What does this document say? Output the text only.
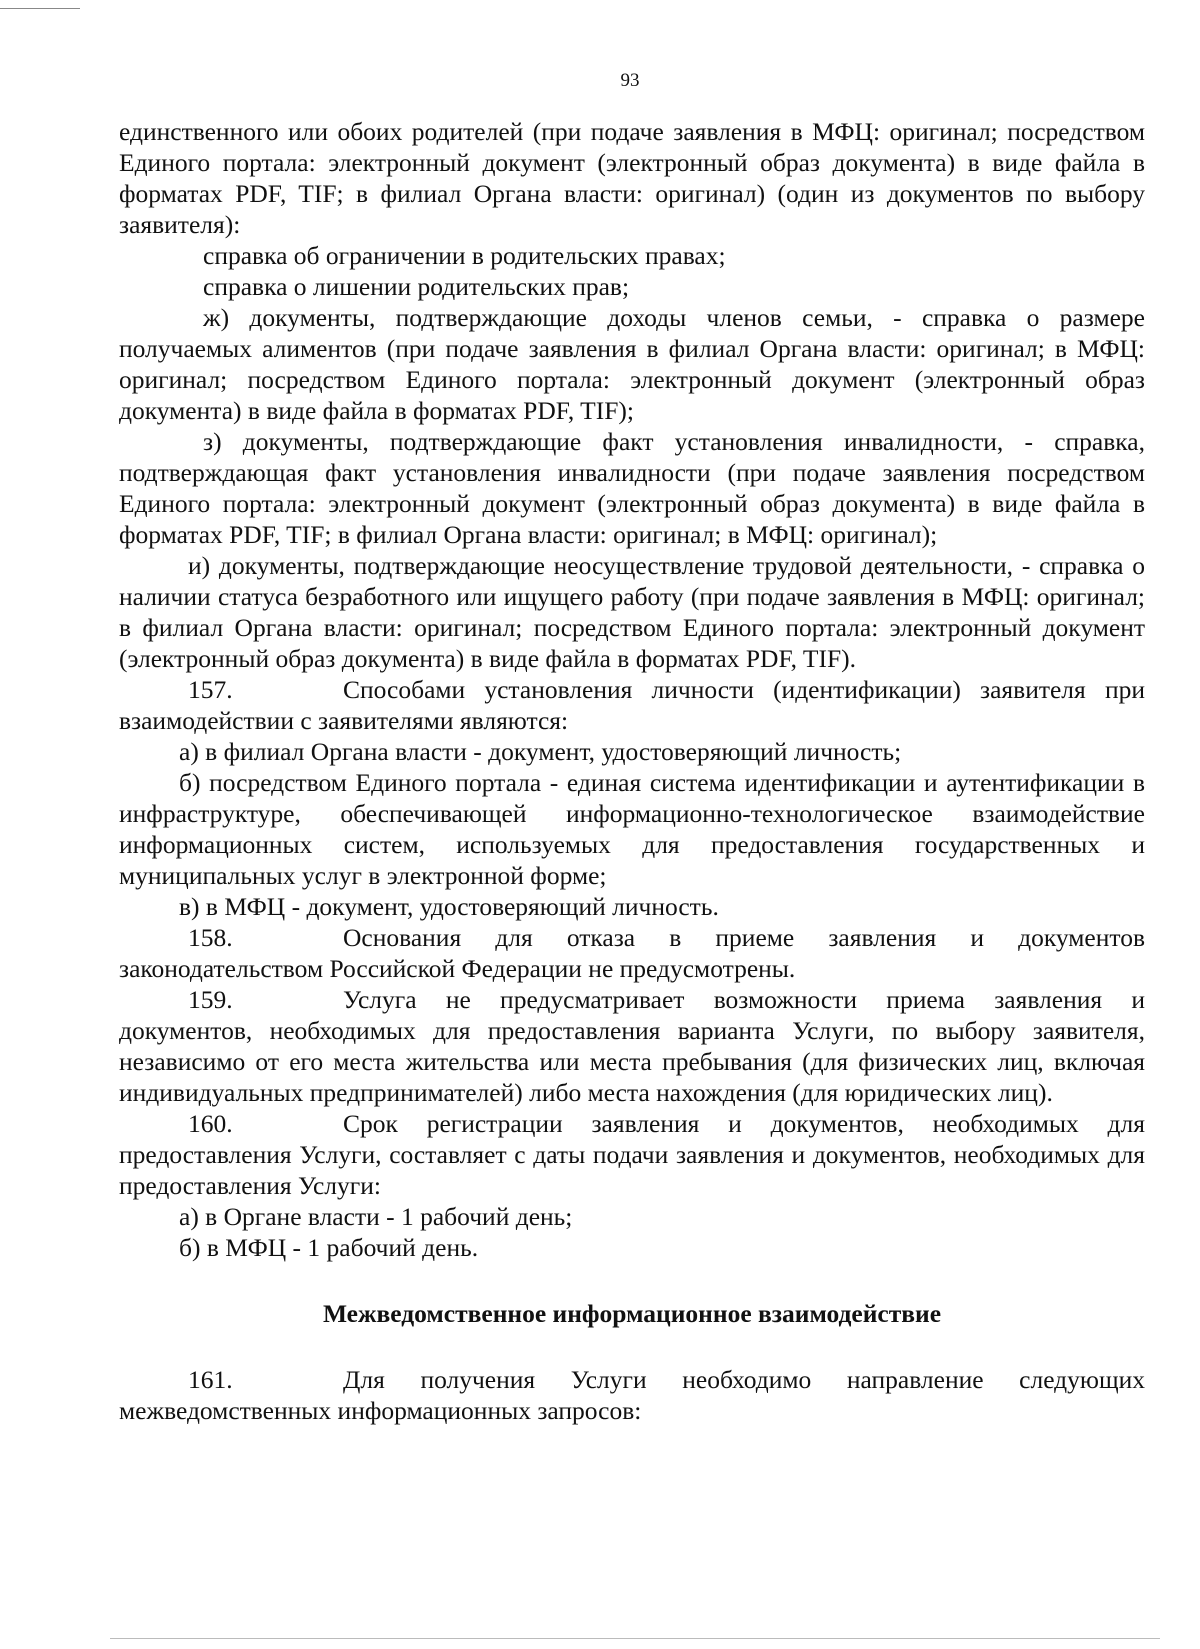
93

единственного или обоих родителей (при подаче заявления в МФЦ: оригинал; посредством Единого портала: электронный документ (электронный образ документа) в виде файла в форматах PDF, TIF; в филиал Органа власти: оригинал) (один из документов по выбору заявителя):

справка об ограничении в родительских правах;

справка о лишении родительских прав;

ж) документы, подтверждающие доходы членов семьи, - справка о размере получаемых алиментов (при подаче заявления в филиал Органа власти: оригинал; в МФЦ: оригинал; посредством Единого портала: электронный документ (электронный образ документа) в виде файла в форматах PDF, TIF);

з) документы, подтверждающие факт установления инвалидности, - справка, подтверждающая факт установления инвалидности (при подаче заявления посредством Единого портала: электронный документ (электронный образ документа) в виде файла в форматах PDF, TIF; в филиал Органа власти: оригинал; в МФЦ: оригинал);

и) документы, подтверждающие неосуществление трудовой деятельности, - справка о наличии статуса безработного или ищущего работу (при подаче заявления в МФЦ: оригинал; в филиал Органа власти: оригинал; посредством Единого портала: электронный документ (электронный образ документа) в виде файла в форматах PDF, TIF).

157.	Способами установления личности (идентификации) заявителя при взаимодействии с заявителями являются:

а) в филиал Органа власти - документ, удостоверяющий личность;

б) посредством Единого портала - единая система идентификации и аутентификации в инфраструктуре, обеспечивающей информационно-технологическое взаимодействие информационных систем, используемых для предоставления государственных и муниципальных услуг в электронной форме;

в) в МФЦ - документ, удостоверяющий личность.

158.	Основания для отказа в приеме заявления и документов законодательством Российской Федерации не предусмотрены.

159.	Услуга не предусматривает возможности приема заявления и документов, необходимых для предоставления варианта Услуги, по выбору заявителя, независимо от его места жительства или места пребывания (для физических лиц, включая индивидуальных предпринимателей) либо места нахождения (для юридических лиц).

160.	Срок регистрации заявления и документов, необходимых для предоставления Услуги, составляет с даты подачи заявления и документов, необходимых для предоставления Услуги:

а) в Органе власти - 1 рабочий день;

б) в МФЦ - 1 рабочий день.

Межведомственное информационное взаимодействие

161.	Для получения Услуги необходимо направление следующих межведомственных информационных запросов:
